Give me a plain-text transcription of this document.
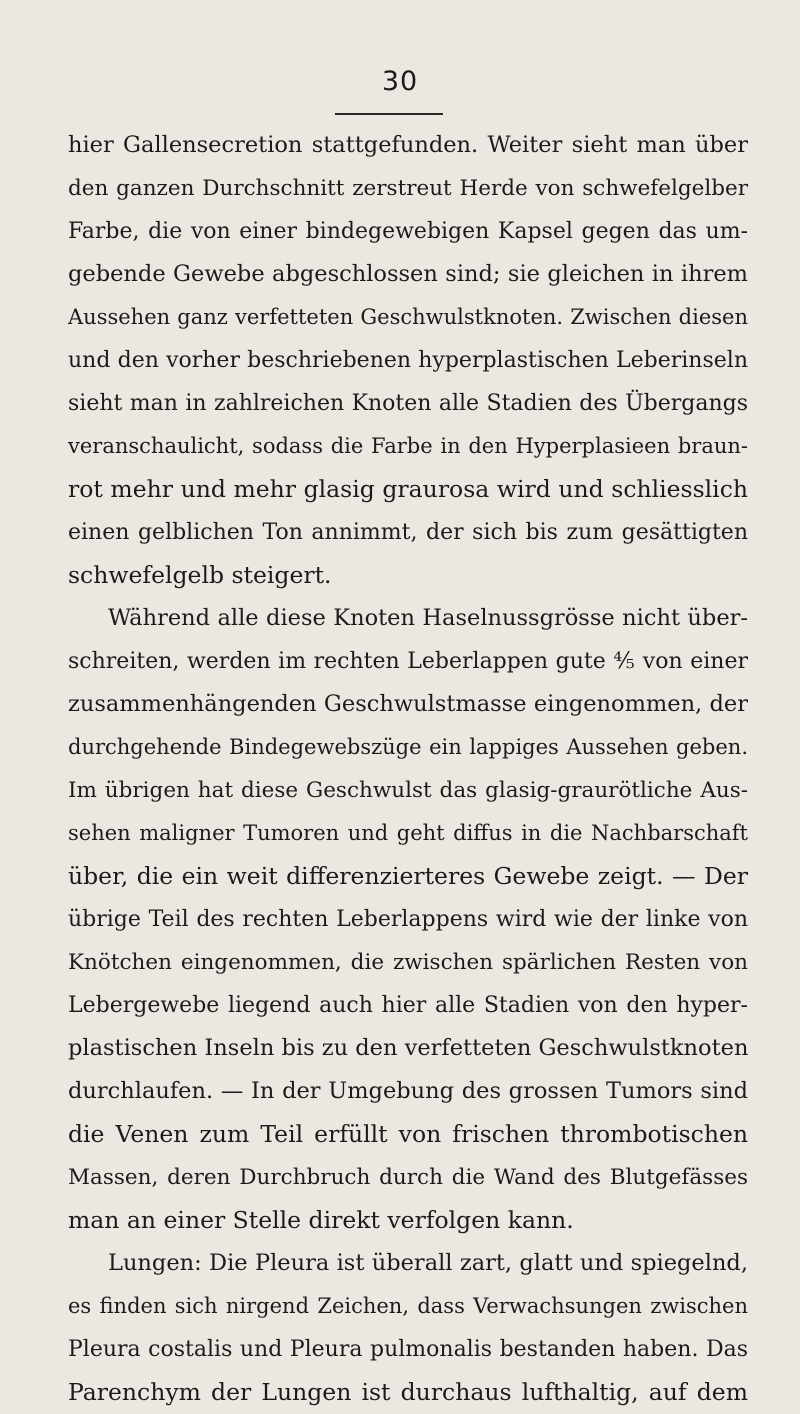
30
hier Gallensecretion stattgefunden. Weiter sieht man über
den ganzen Durchschnitt zerstreut Herde von schwefelgelber
Farbe, die von einer bindegewebigen Kapsel gegen das um-
gebende Gewebe abgeschlossen sind; sie gleichen in ihrem
Aussehen ganz verfetteten Geschwulstknoten. Zwischen diesen
und den vorher beschriebenen hyperplastischen Leberinseln
sieht man in zahlreichen Knoten alle Stadien des Übergangs
veranschaulicht, sodass die Farbe in den Hyperplasieen braun-
rot mehr und mehr glasig graurosa wird und schliesslich
einen gelblichen Ton annimmt, der sich bis zum gesättigten
schwefelgelb steigert.
Während alle diese Knoten Haselnussgrösse nicht über-
schreiten, werden im rechten Leberlappen gute ⅘ von einer
zusammenhängenden Geschwulstmasse eingenommen, der
durchgehende Bindegewebszüge ein lappiges Aussehen geben.
Im übrigen hat diese Geschwulst das glasig-graurötliche Aus-
sehen maligner Tumoren und geht diffus in die Nachbarschaft
über, die ein weit differenzierteres Gewebe zeigt. — Der
übrige Teil des rechten Leberlappens wird wie der linke von
Knötchen eingenommen, die zwischen spärlichen Resten von
Lebergewebe liegend auch hier alle Stadien von den hyper-
plastischen Inseln bis zu den verfetteten Geschwulstknoten
durchlaufen. — In der Umgebung des grossen Tumors sind
die Venen zum Teil erfüllt von frischen thrombotischen
Massen, deren Durchbruch durch die Wand des Blutgefässes
man an einer Stelle direkt verfolgen kann.
Lungen: Die Pleura ist überall zart, glatt und spiegelnd,
es finden sich nirgend Zeichen, dass Verwachsungen zwischen
Pleura costalis und Pleura pulmonalis bestanden haben. Das
Parenchym der Lungen ist durchaus lufthaltig, auf dem
